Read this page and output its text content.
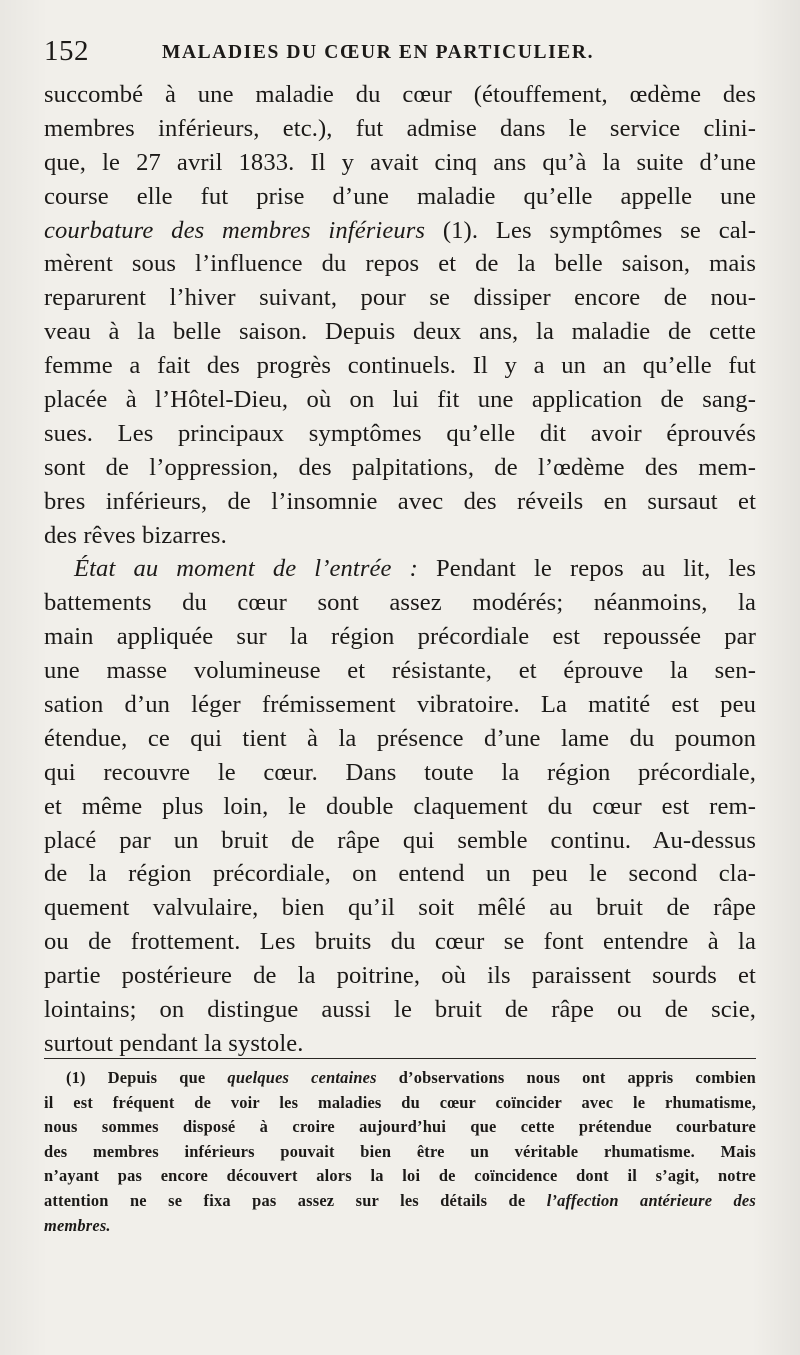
152	MALADIES DU CŒUR EN PARTICULIER.
succombé à une maladie du cœur (étouffement, œdème des
membres inférieurs, etc.), fut admise dans le service clini-
que, le 27 avril 1833. Il y avait cinq ans qu’à la suite d’une
course elle fut prise d’une maladie qu’elle appelle une
courbature des membres inférieurs (1). Les symptômes se cal-
mèrent sous l’influence du repos et de la belle saison, mais
reparurent l’hiver suivant, pour se dissiper encore de nou-
veau à la belle saison. Depuis deux ans, la maladie de cette
femme a fait des progrès continuels. Il y a un an qu’elle fut
placée à l’Hôtel-Dieu, où on lui fit une application de sang-
sues. Les principaux symptômes qu’elle dit avoir éprouvés
sont de l’oppression, des palpitations, de l’œdème des mem-
bres inférieurs, de l’insomnie avec des réveils en sursaut et
des rêves bizarres.
État au moment de l’entrée : Pendant le repos au lit, les
battements du cœur sont assez modérés; néanmoins, la
main appliquée sur la région précordiale est repoussée par
une masse volumineuse et résistante, et éprouve la sen-
sation d’un léger frémissement vibratoire. La matité est peu
étendue, ce qui tient à la présence d’une lame du poumon
qui recouvre le cœur. Dans toute la région précordiale,
et même plus loin, le double claquement du cœur est rem-
placé par un bruit de râpe qui semble continu. Au-dessus
de la région précordiale, on entend un peu le second cla-
quement valvulaire, bien qu’il soit mêlé au bruit de râpe
ou de frottement. Les bruits du cœur se font entendre à la
partie postérieure de la poitrine, où ils paraissent sourds et
lointains; on distingue aussi le bruit de râpe ou de scie,
surtout pendant la systole.
(1) Depuis que quelques centaines d’observations nous ont appris combien
il est fréquent de voir les maladies du cœur coïncider avec le rhumatisme,
nous sommes disposé à croire aujourd’hui que cette prétendue courbature
des membres inférieurs pouvait bien être un véritable rhumatisme. Mais
n’ayant pas encore découvert alors la loi de coïncidence dont il s’agit, notre
attention ne se fixa pas assez sur les détails de l’affection antérieure des
membres.
